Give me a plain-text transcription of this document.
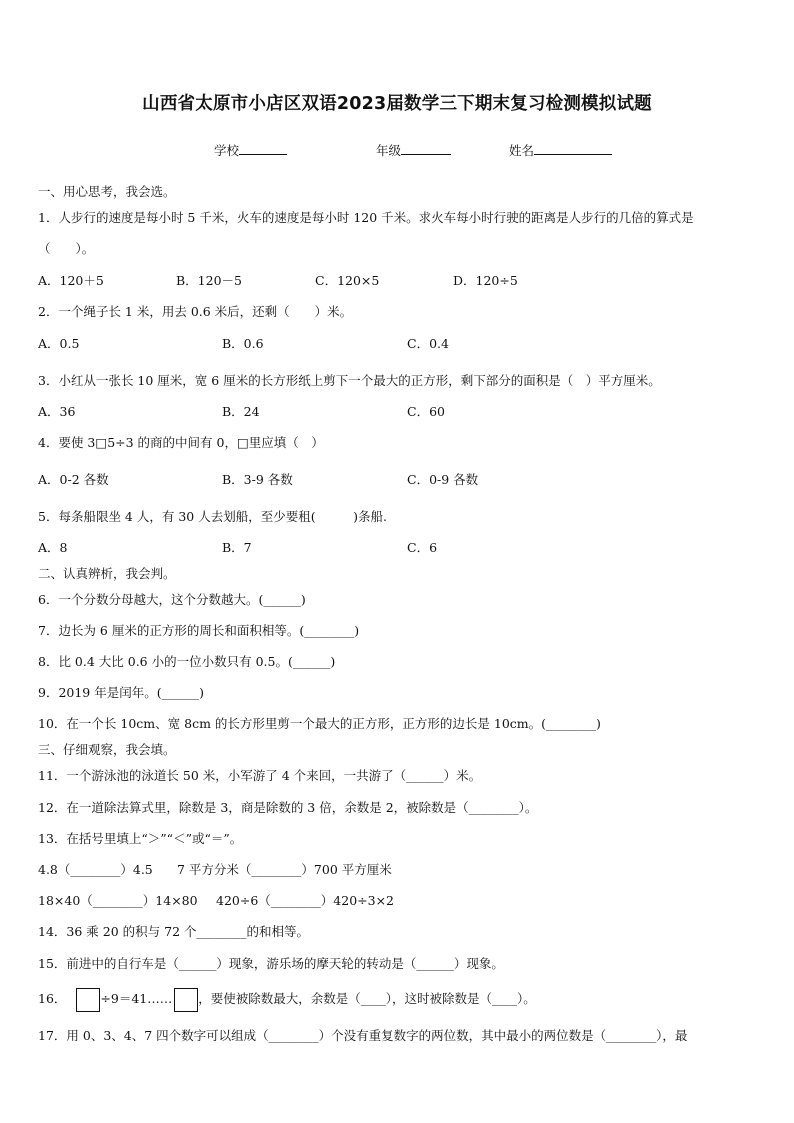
山西省太原市小店区双语2023届数学三下期末复习检测模拟试题
学校	年级	姓名
一、用心思考，我会选。
1．人步行的速度是每小时 5 千米，火车的速度是每小时 120 千米。求火车每小时行驶的距离是人步行的几倍的算式是
（　　）。
A．120＋5	B．120－5	C．120×5	D．120÷5
2．一个绳子长 1 米，用去 0.6 米后，还剩（　　）米。
A．0.5	B．0.6	C．0.4
3．小红从一张长 10 厘米，宽 6 厘米的长方形纸上剪下一个最大的正方形，剩下部分的面积是（　）平方厘米。
A．36	B．24	C．60
4．要使 3□5÷3 的商的中间有 0，□里应填（　）
A．0-2 各数	B．3-9 各数	C．0-9 各数
5．每条船限坐 4 人，有 30 人去划船，至少要租(　　　)条船.
A．8	B．7	C．6
二、认真辨析，我会判。
6．一个分数分母越大，这个分数越大。(______)
7．边长为 6 厘米的正方形的周长和面积相等。(________)
8．比 0.4 大比 0.6 小的一位小数只有 0.5。(______)
9．2019 年是闰年。(______)
10．在一个长 10cm、宽 8cm 的长方形里剪一个最大的正方形，正方形的边长是 10cm。(________)
三、仔细观察，我会填。
11．一个游泳池的泳道长 50 米，小军游了 4 个来回，一共游了（______）米。
12．在一道除法算式里，除数是 3，商是除数的 3 倍，余数是 2，被除数是（________）。
13．在括号里填上“＞”“＜”或“＝”。
4.8（________）4.5 7 平方分米（________）700 平方厘米
18×40（________）14×80 420÷6（________）420÷3×2
14．36 乘 20 的积与 72 个________的和相等。
15．前进中的自行车是（______）现象，游乐场的摩天轮的转动是（______）现象。
16．	÷9＝41…… ，要使被除数最大，余数是（____），这时被除数是（____）。
17．用 0、3、4、7 四个数字可以组成（________）个没有重复数字的两位数，其中最小的两位数是（________），最
